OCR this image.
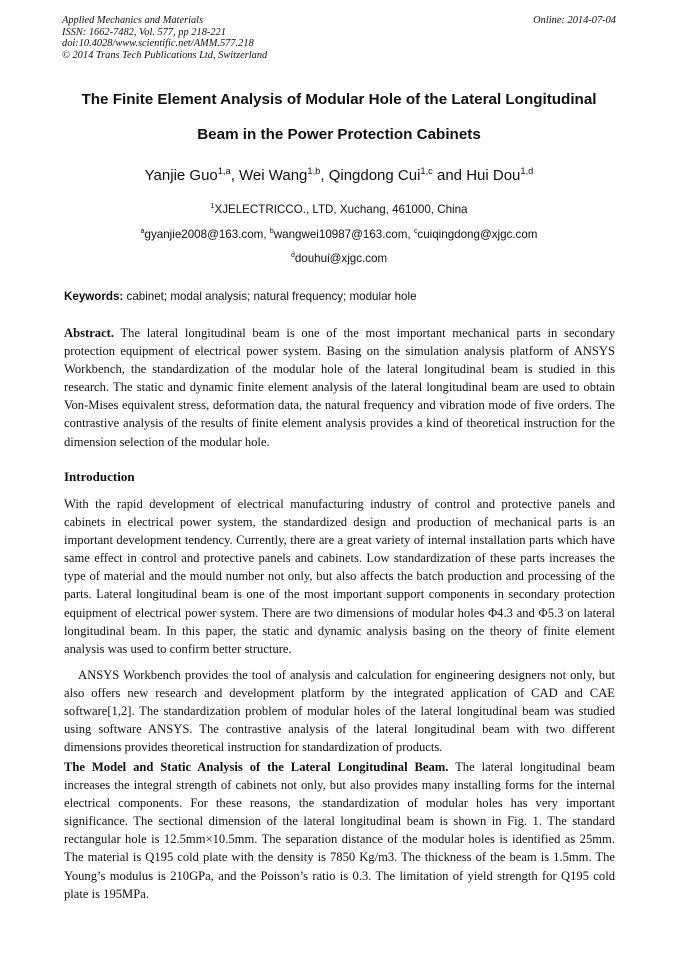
Applied Mechanics and Materials
ISSN: 1662-7482, Vol. 577, pp 218-221
doi:10.4028/www.scientific.net/AMM.577.218
© 2014 Trans Tech Publications Ltd, Switzerland
Online: 2014-07-04
The Finite Element Analysis of Modular Hole of the Lateral Longitudinal
Beam in the Power Protection Cabinets
Yanjie Guo$^{1,a}$, Wei Wang$^{1,b}$, Qingdong Cui$^{1,c}$ and Hui Dou$^{1,d}$
$^1$XJELECTRICCO., LTD, Xuchang, 461000, China
$^a$gyanjie2008@163.com, $^b$wangwei10987@163.com, $^c$cuiqingdong@xjgc.com
$^d$douhui@xjgc.com
Keywords: cabinet; modal analysis; natural frequency; modular hole
Abstract. The lateral longitudinal beam is one of the most important mechanical parts in secondary protection equipment of electrical power system. Basing on the simulation analysis platform of ANSYS Workbench, the standardization of the modular hole of the lateral longitudinal beam is studied in this research. The static and dynamic finite element analysis of the lateral longitudinal beam are used to obtain Von-Mises equivalent stress, deformation data, the natural frequency and vibration mode of five orders. The contrastive analysis of the results of finite element analysis provides a kind of theoretical instruction for the dimension selection of the modular hole.
Introduction
With the rapid development of electrical manufacturing industry of control and protective panels and cabinets in electrical power system, the standardized design and production of mechanical parts is an important development tendency. Currently, there are a great variety of internal installation parts which have same effect in control and protective panels and cabinets. Low standardization of these parts increases the type of material and the mould number not only, but also affects the batch production and processing of the parts. Lateral longitudinal beam is one of the most important support components in secondary protection equipment of electrical power system. There are two dimensions of modular holes Φ4.3 and Φ5.3 on lateral longitudinal beam. In this paper, the static and dynamic analysis basing on the theory of finite element analysis was used to confirm better structure.
ANSYS Workbench provides the tool of analysis and calculation for engineering designers not only, but also offers new research and development platform by the integrated application of CAD and CAE software[1,2]. The standardization problem of modular holes of the lateral longitudinal beam was studied using software ANSYS. The contrastive analysis of the lateral longitudinal beam with two different dimensions provides theoretical instruction for standardization of products.
The Model and Static Analysis of the Lateral Longitudinal Beam. The lateral longitudinal beam increases the integral strength of cabinets not only, but also provides many installing forms for the internal electrical components. For these reasons, the standardization of modular holes has very important significance. The sectional dimension of the lateral longitudinal beam is shown in Fig. 1. The standard rectangular hole is 12.5mm×10.5mm. The separation distance of the modular holes is identified as 25mm. The material is Q195 cold plate with the density is 7850 Kg/m3. The thickness of the beam is 1.5mm. The Young’s modulus is 210GPa, and the Poisson’s ratio is 0.3. The limitation of yield strength for Q195 cold plate is 195MPa.
